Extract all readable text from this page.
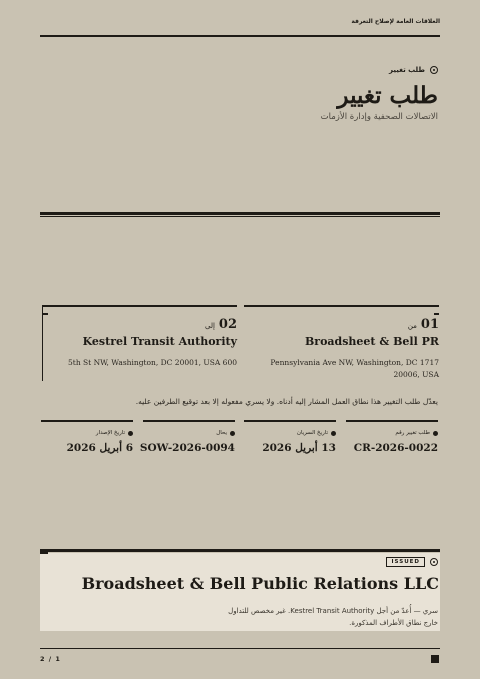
العلاقات العامة لإصلاح التعرفة
طلب تغيير
طلب تغيير
الاتصالات الصحفية وإدارة الأزمات
01
من
Broadsheet & Bell PR
Pennsylvania Ave NW, Washington, DC 1717 20006, USA
02
إلى
Kestrel Transit Authority
5th St NW, Washington, DC 20001, USA 600
يعدّل طلب التغيير هذا نطاق العمل المشار إليه أدناه. ولا يسري مفعوله إلا بعد توقيع الطرفين عليه.
طلب تغيير رقم
CR-2026-0022
تاريخ السريان
13 أبريل 2026
يحال
SOW-2026-0094
تاريخ الإصدار
6 أبريل 2026
ISSUED
Broadsheet & Bell Public Relations LLC
سري — أُعدّ من أجل Kestrel Transit Authority. غير مخصص للتداول خارج نطاق الأطراف المذكورة.
2 / 1
